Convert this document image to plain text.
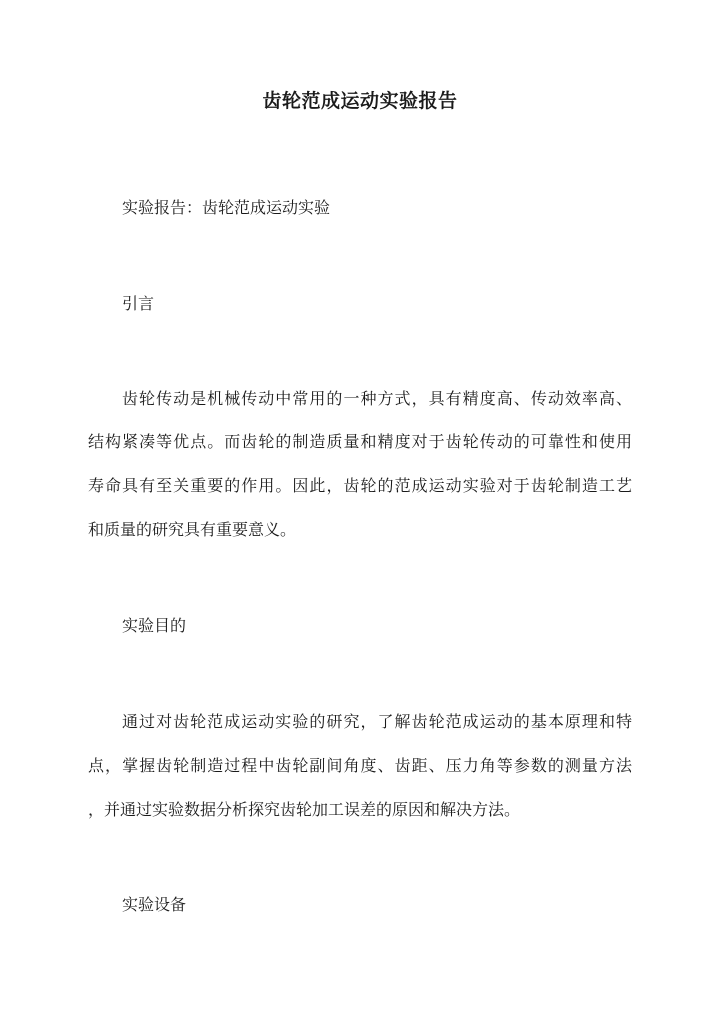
齿轮范成运动实验报告
实验报告：齿轮范成运动实验
引言
齿轮传动是机械传动中常用的一种方式，具有精度高、传动效率高、
结构紧凑等优点。而齿轮的制造质量和精度对于齿轮传动的可靠性和使用
寿命具有至关重要的作用。因此，齿轮的范成运动实验对于齿轮制造工艺
和质量的研究具有重要意义。
实验目的
通过对齿轮范成运动实验的研究，了解齿轮范成运动的基本原理和特
点，掌握齿轮制造过程中齿轮副间角度、齿距、压力角等参数的测量方法
，并通过实验数据分析探究齿轮加工误差的原因和解决方法。
实验设备
